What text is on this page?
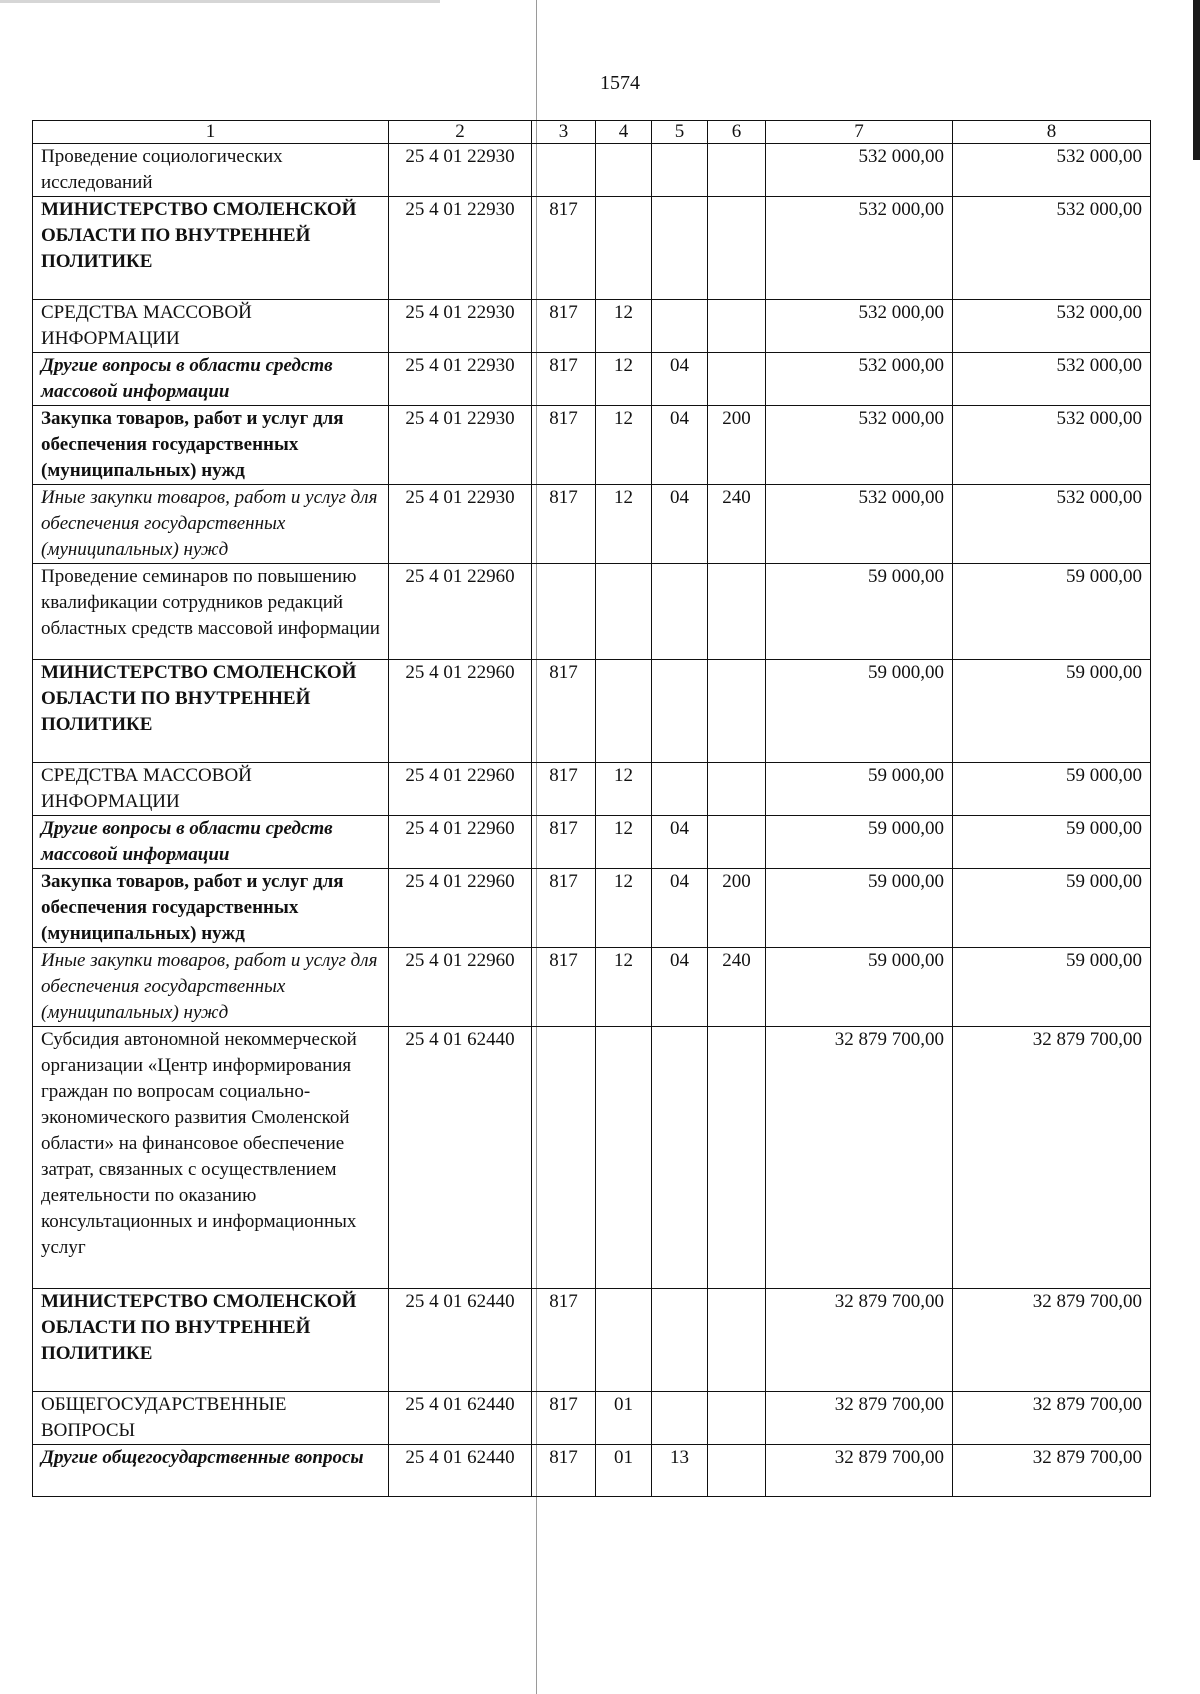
1574
1	2	3	4	5	6	7	8
Проведение социологических исследований	25 4 01 22930					532 000,00	532 000,00
МИНИСТЕРСТВО СМОЛЕНСКОЙ ОБЛАСТИ ПО ВНУТРЕННЕЙ ПОЛИТИКЕ	25 4 01 22930	817				532 000,00	532 000,00
СРЕДСТВА МАССОВОЙ ИНФОРМАЦИИ	25 4 01 22930	817	12			532 000,00	532 000,00
Другие вопросы в области средств массовой информации	25 4 01 22930	817	12	04		532 000,00	532 000,00
Закупка товаров, работ и услуг для обеспечения государственных (муниципальных) нужд	25 4 01 22930	817	12	04	200	532 000,00	532 000,00
Иные закупки товаров, работ и услуг для обеспечения государственных (муниципальных) нужд	25 4 01 22930	817	12	04	240	532 000,00	532 000,00
Проведение семинаров по повышению квалификации сотрудников редакций областных средств массовой информации	25 4 01 22960					59 000,00	59 000,00
МИНИСТЕРСТВО СМОЛЕНСКОЙ ОБЛАСТИ ПО ВНУТРЕННЕЙ ПОЛИТИКЕ	25 4 01 22960	817				59 000,00	59 000,00
СРЕДСТВА МАССОВОЙ ИНФОРМАЦИИ	25 4 01 22960	817	12			59 000,00	59 000,00
Другие вопросы в области средств массовой информации	25 4 01 22960	817	12	04		59 000,00	59 000,00
Закупка товаров, работ и услуг для обеспечения государственных (муниципальных) нужд	25 4 01 22960	817	12	04	200	59 000,00	59 000,00
Иные закупки товаров, работ и услуг для обеспечения государственных (муниципальных) нужд	25 4 01 22960	817	12	04	240	59 000,00	59 000,00
Субсидия автономной некоммерческой организации «Центр информирования граждан по вопросам социально-экономического развития Смоленской области» на финансовое обеспечение затрат, связанных с осуществлением деятельности по оказанию консультационных и информационных услуг	25 4 01 62440					32 879 700,00	32 879 700,00
МИНИСТЕРСТВО СМОЛЕНСКОЙ ОБЛАСТИ ПО ВНУТРЕННЕЙ ПОЛИТИКЕ	25 4 01 62440	817				32 879 700,00	32 879 700,00
ОБЩЕГОСУДАРСТВЕННЫЕ ВОПРОСЫ	25 4 01 62440	817	01			32 879 700,00	32 879 700,00
Другие общегосударственные вопросы	25 4 01 62440	817	01	13		32 879 700,00	32 879 700,00
